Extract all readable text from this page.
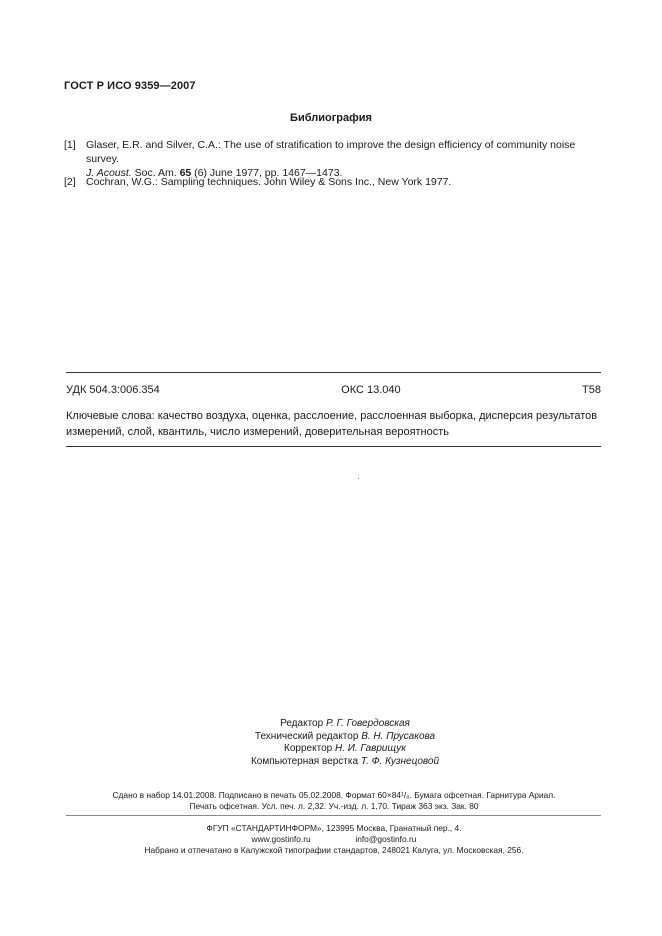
ГОСТ Р ИСО 9359—2007
Библиография
[1] Glaser, E.R. and Silver, C.A.: The use of stratification to improve the design efficiency of community noise survey.
J. Acoust. Soc. Am. 65 (6) June 1977, pp. 1467—1473.
[2] Cochran, W.G.: Sampling techniques. John Wiley & Sons Inc., New York 1977.
УДК 504.3:006.354	ОКС 13.040	Т58
Ключевые слова: качество воздуха, оценка, расслоение, расслоенная выборка, дисперсия результатов измерений, слой, квантиль, число измерений, доверительная вероятность
Редактор Р. Г. Говердовская
Технический редактор В. Н. Прусакова
Корректор Н. И. Гаврищук
Компьютерная верстка Т. Ф. Кузнецовой
Сдано в набор 14.01.2008. Подписано в печать 05.02.2008. Формат 60×84¹/₈. Бумага офсетная. Гарнитура Ариал.
Печать офсетная. Усл. печ. л. 2,32. Уч.-изд. л. 1,70. Тираж 363 экз. Зак. 80
ФГУП «СТАНДАРТИНФОРМ», 123995 Москва, Гранатный пер., 4.
www.gostinfo.ru	info@gostinfo.ru
Набрано и отпечатано в Калужской типографии стандартов, 248021 Калуга, ул. Московская, 256.
